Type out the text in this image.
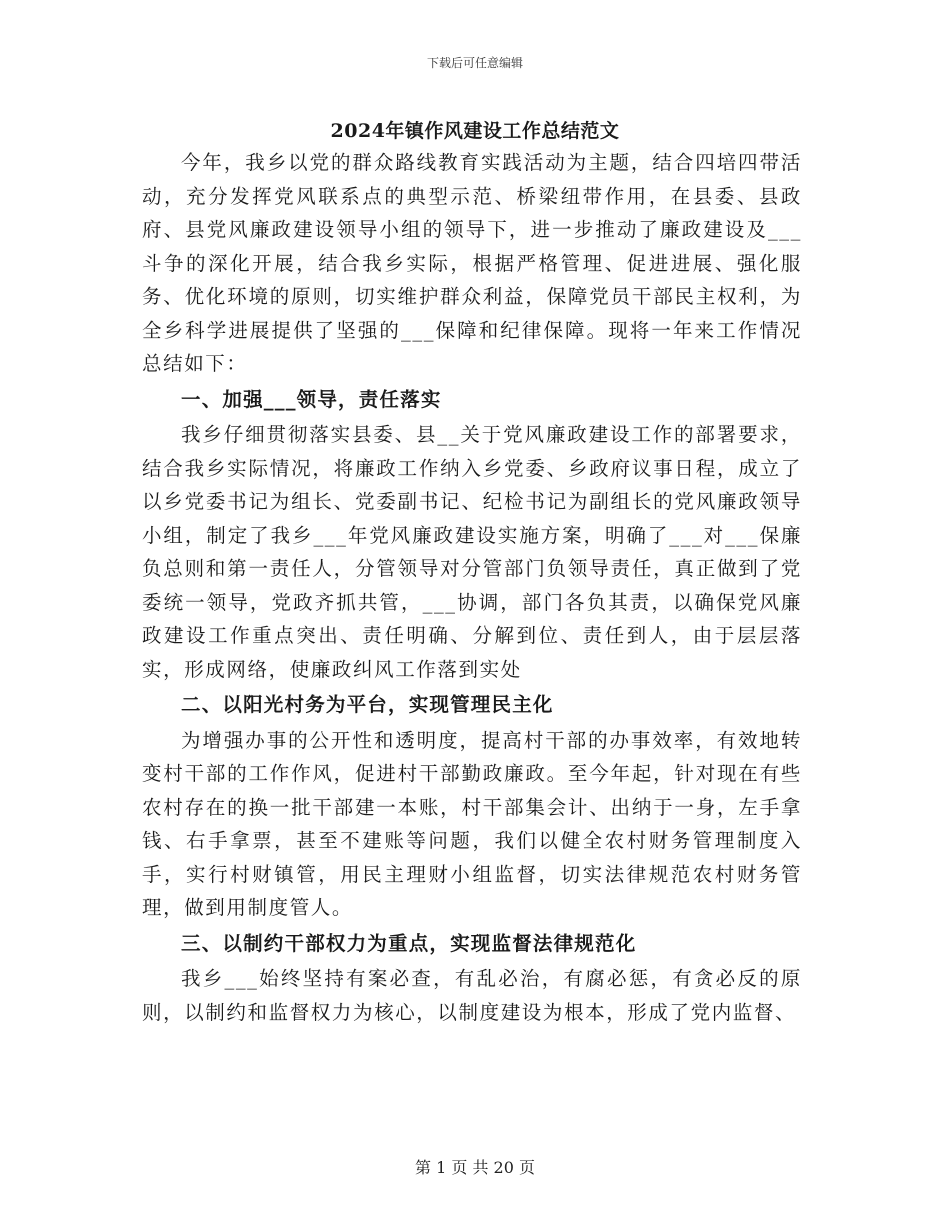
下载后可任意编辑
2024年镇作风建设工作总结范文

今年，我乡以党的群众路线教育实践活动为主题，结合四培四带活动，充分发挥党风联系点的典型示范、桥梁纽带作用，在县委、县政府、县党风廉政建设领导小组的领导下，进一步推动了廉政建设及___斗争的深化开展，结合我乡实际，根据严格管理、促进进展、强化服务、优化环境的原则，切实维护群众利益，保障党员干部民主权利，为全乡科学进展提供了坚强的___保障和纪律保障。现将一年来工作情况总结如下：

一、加强___领导，责任落实

我乡仔细贯彻落实县委、县__关于党风廉政建设工作的部署要求，结合我乡实际情况，将廉政工作纳入乡党委、乡政府议事日程，成立了以乡党委书记为组长、党委副书记、纪检书记为副组长的党风廉政领导小组，制定了我乡___年党风廉政建设实施方案，明确了___对___保廉负总则和第一责任人，分管领导对分管部门负领导责任，真正做到了党委统一领导，党政齐抓共管，___协调，部门各负其责，以确保党风廉政建设工作重点突出、责任明确、分解到位、责任到人，由于层层落实，形成网络，使廉政纠风工作落到实处

二、以阳光村务为平台，实现管理民主化

为增强办事的公开性和透明度，提高村干部的办事效率，有效地转变村干部的工作作风，促进村干部勤政廉政。至今年起，针对现在有些农村存在的换一批干部建一本账，村干部集会计、出纳于一身，左手拿钱、右手拿票，甚至不建账等问题，我们以健全农村财务管理制度入手，实行村财镇管，用民主理财小组监督，切实法律规范农村财务管理，做到用制度管人。

三、以制约干部权力为重点，实现监督法律规范化

我乡___始终坚持有案必查，有乱必治，有腐必惩，有贪必反的原则，以制约和监督权力为核心，以制度建设为根本，形成了党内监督、

第 1 页 共 20 页
